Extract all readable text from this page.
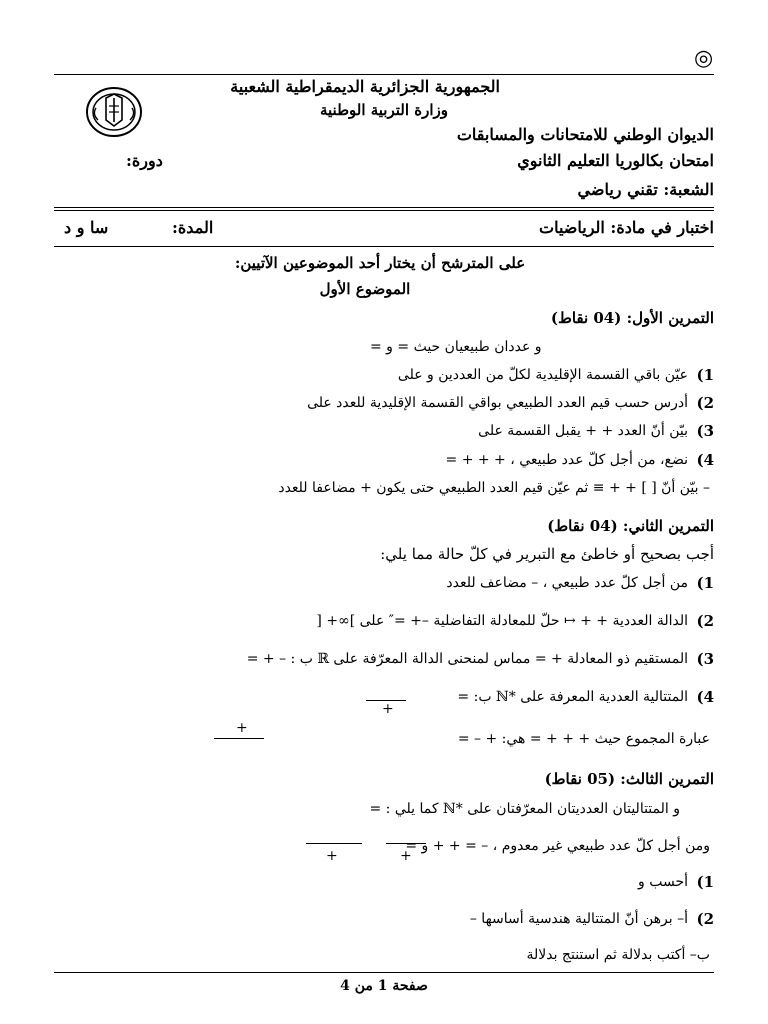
◎
الجمهورية الجزائرية الديمقراطية الشعبية
وزارة التربية الوطنية
الديوان الوطني للامتحانات والمسابقات
امتحان بكالوريا التعليم الثانوي
دورة:
الشعبة: تقني رياضي
اختبار في مادة: الرياضيات
المدة:
سا و د
على المترشح أن يختار أحد الموضوعين الآتيين:
الموضوع الأول
التمرين الأول: (04 نقاط)
و عددان طبيعيان حيث = و =
1)
عيّن باقي القسمة الإقليدية لكلّ من العددين و على
2)
أدرس حسب قيم العدد الطبيعي بواقي القسمة الإقليدية للعدد على
3)
بيّن أنّ العدد + + يقبل القسمة على
4)
نضع، من أجل كلّ عدد طبيعي ، + + + =
– بيّن أنّ [ ] + + ≡ ثم عيّن قيم العدد الطبيعي حتى يكون + مضاعفا للعدد
التمرين الثاني: (04 نقاط)
أجب بصحيح أو خاطئ مع التبرير في كلّ حالة مما يلي:
1)
من أجل كلّ عدد طبيعي ، – مضاعف للعدد
2)
الدالة العددية + + ↦ حلّ للمعادلة التفاضلية –+ =″ على ]∞+ [
3)
المستقيم ذو المعادلة + = مماس لمنحنى الدالة المعرّفة على ℝ ب : – + =
4)
المتتالية العددية المعرفة على *ℕ ب: =
+
+
عبارة المجموع حيث + + + = هي: + – =
التمرين الثالث: (05 نقاط)
و المتتاليتان العدديتان المعرّفتان على *ℕ كما يلي : =
ومن أجل كلّ عدد طبيعي غير معدوم ، – = + + و =
+	+
1)
أحسب و
2)
أ– برهن أنّ المتتالية هندسية أساسها –
ب– أكتب بدلالة ثم استنتج بدلالة
صفحة 1 من 4
